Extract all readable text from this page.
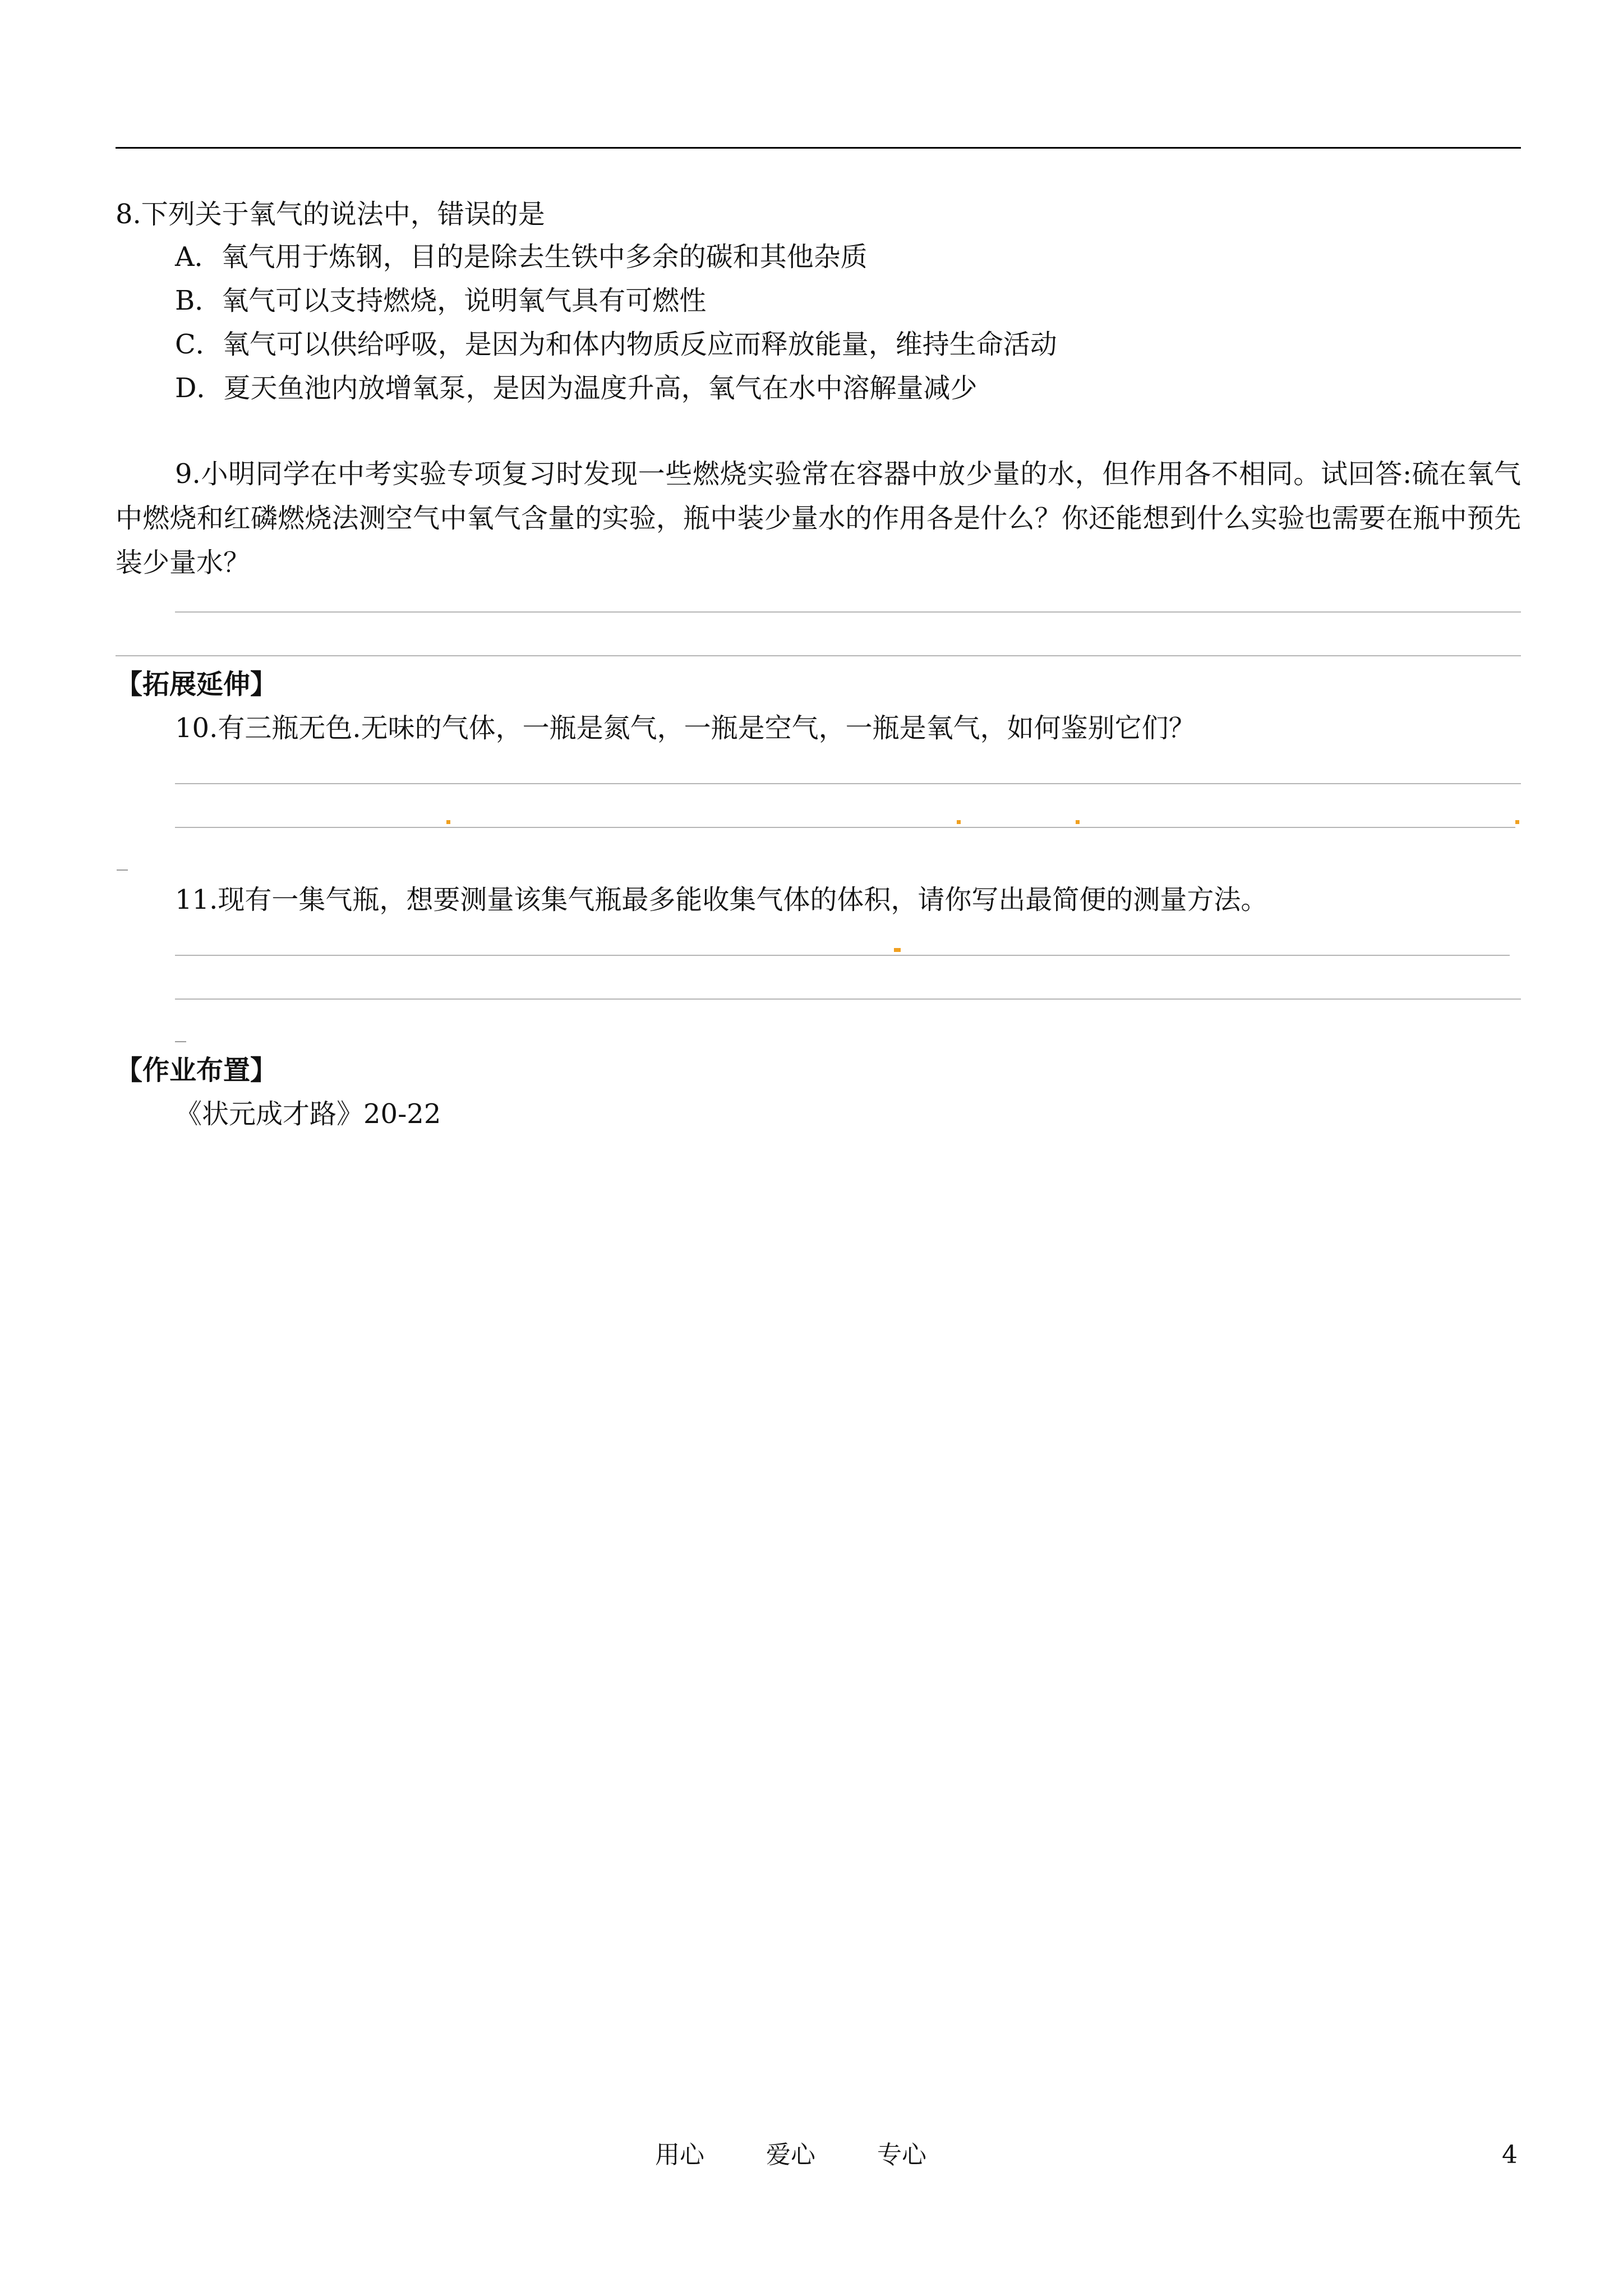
8.下列关于氧气的说法中，错误的是
A．氧气用于炼钢，目的是除去生铁中多余的碳和其他杂质
B．氧气可以支持燃烧，说明氧气具有可燃性
C．氧气可以供给呼吸，是因为和体内物质反应而释放能量，维持生命活动
D．夏天鱼池内放增氧泵，是因为温度升高，氧气在水中溶解量减少
9.小明同学在中考实验专项复习时发现一些燃烧实验常在容器中放少量的水，但作用各不相同。试回答:硫在氧气中燃烧和红磷燃烧法测空气中氧气含量的实验，瓶中装少量水的作用各是什么？你还能想到什么实验也需要在瓶中预先装少量水？
【拓展延伸】
10.有三瓶无色.无味的气体，一瓶是氮气，一瓶是空气，一瓶是氧气，如何鉴别它们？
11.现有一集气瓶，想要测量该集气瓶最多能收集气体的体积，请你写出最简便的测量方法。
【作业布置】
《状元成才路》20-22
用心	爱心	专心	4
